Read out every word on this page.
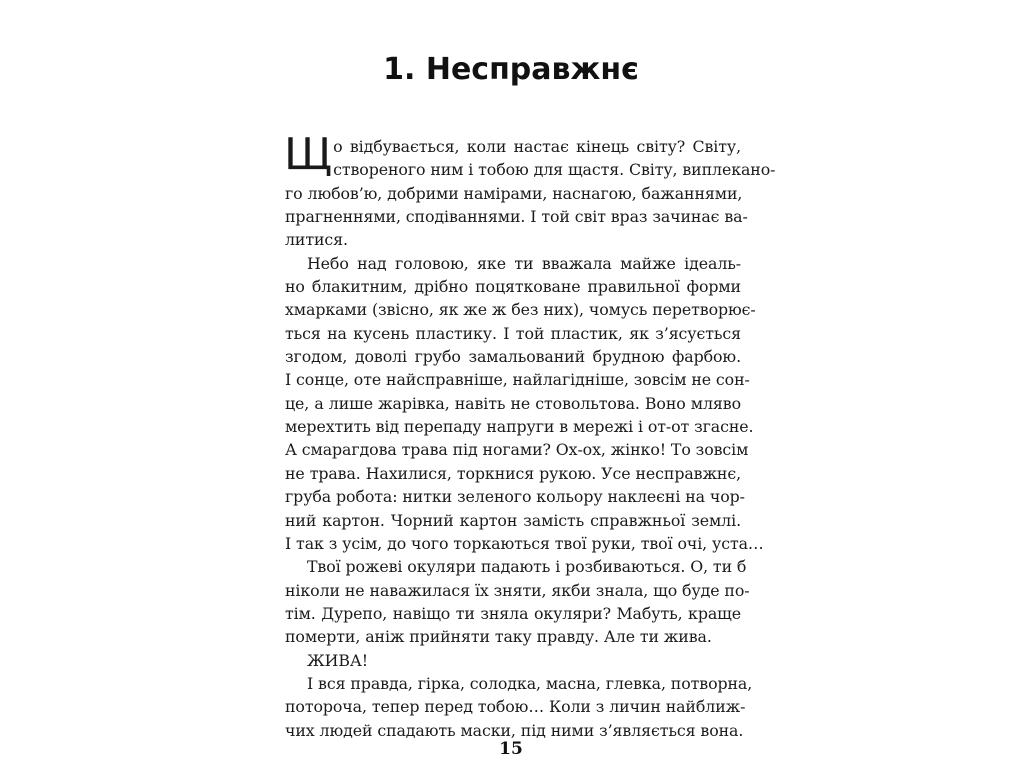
1. Несправжнє
Щ о відбувається, коли настає кінець світу? Світу,
створеного ним і тобою для щастя. Світу, виплекано-
го любов’ю, добрими намірами, наснагою, бажаннями,
прагненнями, сподіваннями. І той світ враз зачинає ва-
литися.
Небо над головою, яке ти вважала майже ідеаль-
но блакитним, дрібно поцятковане правильної форми
хмарками (звісно, як же ж без них), чомусь перетворює-
ться на кусень пластику. І той пластик, як з’ясується
згодом, доволі грубо замальований брудною фарбою.
І сонце, оте найсправніше, найлагідніше, зовсім не сон-
це, а лише жарівка, навіть не стовольтова. Воно мляво
мерехтить від перепаду напруги в мережі і от-от згасне.
А смарагдова трава під ногами? Ох-ох, жінко! То зовсім
не трава. Нахилися, торкнися рукою. Усе несправжнє,
груба робота: нитки зеленого кольору наклеєні на чор-
ний картон. Чорний картон замість справжньої землі.
І так з усім, до чого торкаються твої руки, твої очі, уста…
Твої рожеві окуляри падають і розбиваються. О, ти б
ніколи не наважилася їх зняти, якби знала, що буде по-
тім. Дурепо, навіщо ти зняла окуляри? Мабуть, краще
померти, аніж прийняти таку правду. Але ти жива.
ЖИВА!
І вся правда, гірка, солодка, масна, глевка, потворна,
поторочa, тепер перед тобою… Коли з личин найближ-
чих людей спадають маски, під ними з’являється вона.
15
